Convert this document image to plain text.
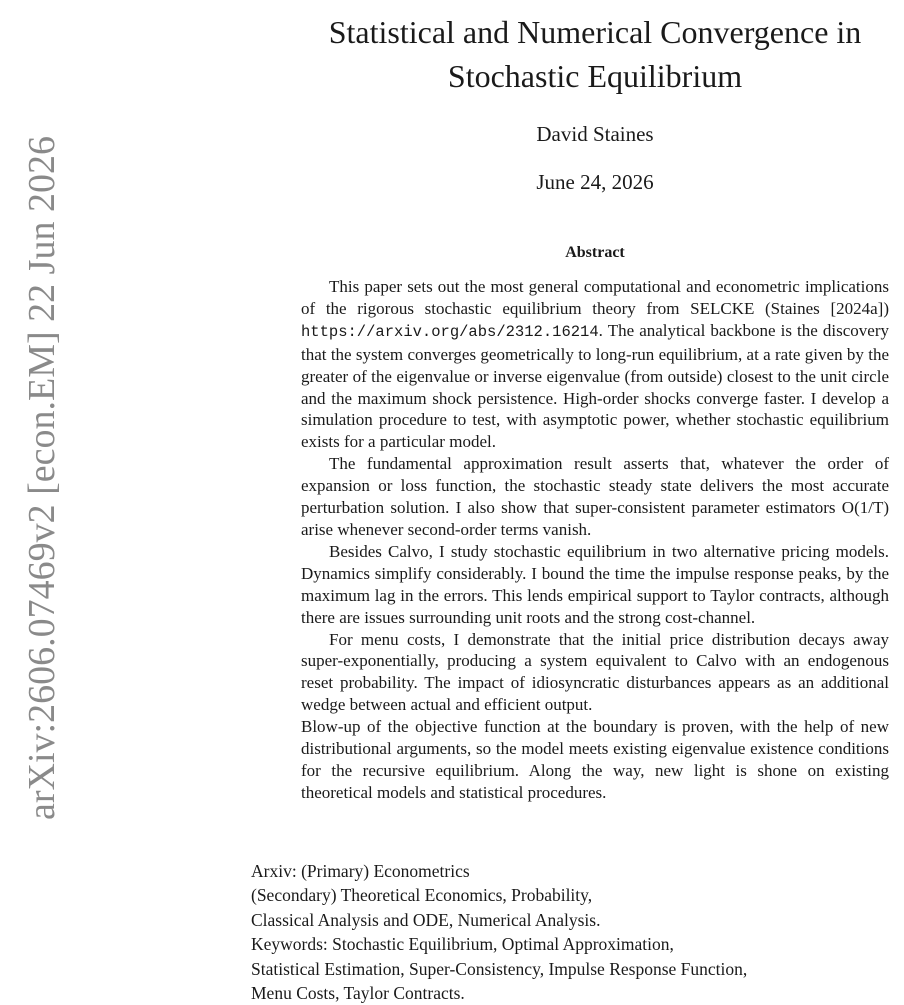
arXiv:2606.07469v2 [econ.EM] 22 Jun 2026
Statistical and Numerical Convergence in
Stochastic Equilibrium
David Staines
June 24, 2026
Abstract

This paper sets out the most general computational and econometric implications of the rigorous stochastic equilibrium theory from SELCKE (Staines [2024a]) https://arxiv.org/abs/2312.16214. The analytical backbone is the discovery that the system converges geometrically to long-run equilibrium, at a rate given by the greater of the eigenvalue or inverse eigenvalue (from outside) closest to the unit circle and the maximum shock persistence. High-order shocks converge faster. I develop a simulation procedure to test, with asymptotic power, whether stochastic equilibrium exists for a particular model.

The fundamental approximation result asserts that, whatever the order of expansion or loss function, the stochastic steady state delivers the most accurate perturbation solution. I also show that super-consistent parameter estimators O(1/T) arise whenever second-order terms vanish.

Besides Calvo, I study stochastic equilibrium in two alternative pricing models. Dynamics simplify considerably. I bound the time the impulse response peaks, by the maximum lag in the errors. This lends empirical support to Taylor contracts, although there are issues surrounding unit roots and the strong cost-channel.

For menu costs, I demonstrate that the initial price distribution decays away super-exponentially, producing a system equivalent to Calvo with an endogenous reset probability. The impact of idiosyncratic disturbances appears as an additional wedge between actual and efficient output.

Blow-up of the objective function at the boundary is proven, with the help of new distributional arguments, so the model meets existing eigenvalue existence conditions for the recursive equilibrium. Along the way, new light is shone on existing theoretical models and statistical procedures.

Arxiv: (Primary) Econometrics
(Secondary) Theoretical Economics, Probability,
Classical Analysis and ODE, Numerical Analysis.
Keywords: Stochastic Equilibrium, Optimal Approximation,
Statistical Estimation, Super-Consistency, Impulse Response Function,
Menu Costs, Taylor Contracts.
